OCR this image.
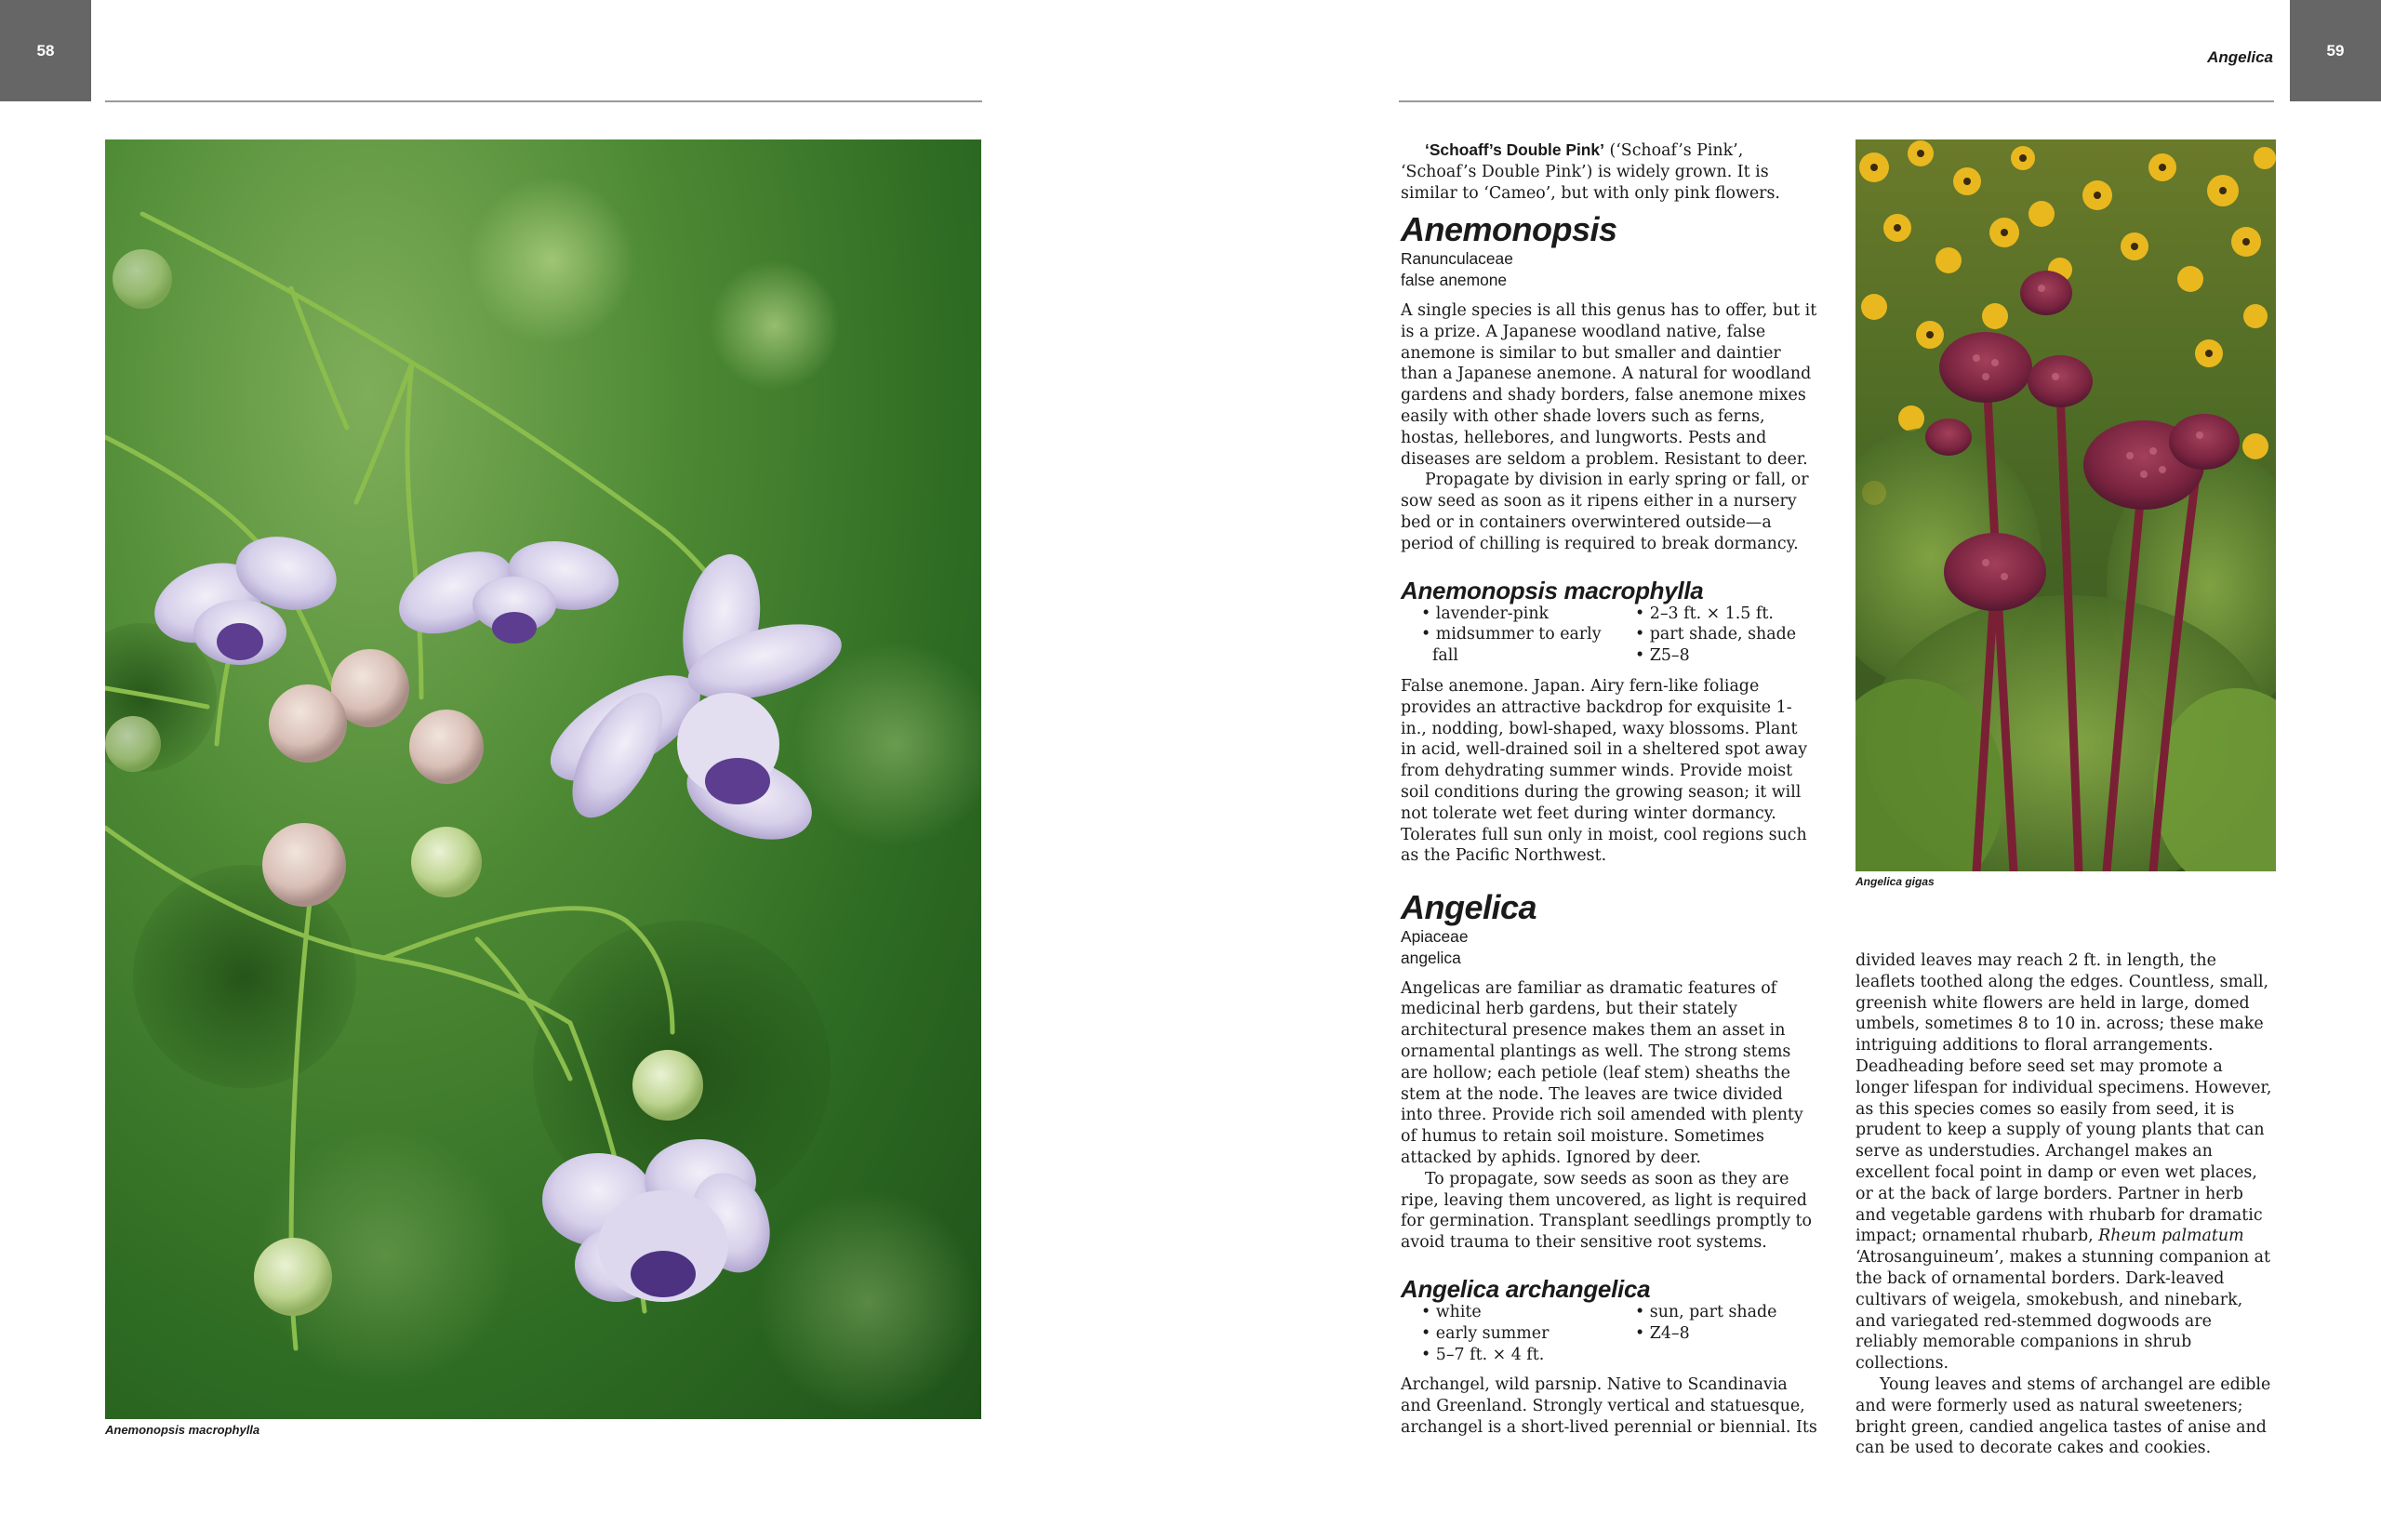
58	59
Angelica
Anemonopsis macrophylla
Angelica gigas

‘Schoaff’s Double Pink’ (‘Schoaf’s Pink’, ‘Schoaf’s Double Pink’) is widely grown. It is similar to ‘Cameo’, but with only pink flowers.

Anemonopsis
Ranunculaceae
false anemone

A single species is all this genus has to offer, but it is a prize. A Japanese woodland native, false anemone is similar to but smaller and daintier than a Japanese anemone. A natural for woodland gardens and shady borders, false anemone mixes easily with other shade lovers such as ferns, hostas, hellebores, and lungworts. Pests and diseases are seldom a problem. Resistant to deer.

Propagate by division in early spring or fall, or sow seed as soon as it ripens either in a nursery bed or in containers overwintered outside—a period of chilling is required to break dormancy.

Anemonopsis macrophylla
• lavender-pink	• 2–3 ft. × 1.5 ft.
• midsummer to early	• part shade, shade
fall	• Z5–8

False anemone. Japan. Airy fern-like foliage provides an attractive backdrop for exquisite 1-in., nodding, bowl-shaped, waxy blossoms. Plant in acid, well-drained soil in a sheltered spot away from dehydrating summer winds. Provide moist soil conditions during the growing season; it will not tolerate wet feet during winter dormancy. Tolerates full sun only in moist, cool regions such as the Pacific Northwest.

Angelica
Apiaceae
angelica

Angelicas are familiar as dramatic features of medicinal herb gardens, but their stately architectural presence makes them an asset in ornamental plantings as well. The strong stems are hollow; each petiole (leaf stem) sheaths the stem at the node. The leaves are twice divided into three. Provide rich soil amended with plenty of humus to retain soil moisture. Sometimes attacked by aphids. Ignored by deer.

To propagate, sow seeds as soon as they are ripe, leaving them uncovered, as light is required for germination. Transplant seedlings promptly to avoid trauma to their sensitive root systems.

Angelica archangelica
• white	• sun, part shade
• early summer	• Z4–8
• 5–7 ft. × 4 ft.

Archangel, wild parsnip. Native to Scandinavia and Greenland. Strongly vertical and statuesque, archangel is a short-lived perennial or biennial. Its

divided leaves may reach 2 ft. in length, the leaflets toothed along the edges. Countless, small, greenish white flowers are held in large, domed umbels, sometimes 8 to 10 in. across; these make intriguing additions to floral arrangements. Deadheading before seed set may promote a longer lifespan for individual specimens. However, as this species comes so easily from seed, it is prudent to keep a supply of young plants that can serve as understudies. Archangel makes an excellent focal point in damp or even wet places, or at the back of large borders. Partner in herb and vegetable gardens with rhubarb for dramatic impact; ornamental rhubarb, Rheum palmatum ‘Atrosanguineum’, makes a stunning companion at the back of ornamental borders. Dark-leaved cultivars of weigela, smokebush, and ninebark, and variegated red-stemmed dogwoods are reliably memorable companions in shrub collections.

Young leaves and stems of archangel are edible and were formerly used as natural sweeteners; bright green, candied angelica tastes of anise and can be used to decorate cakes and cookies.
